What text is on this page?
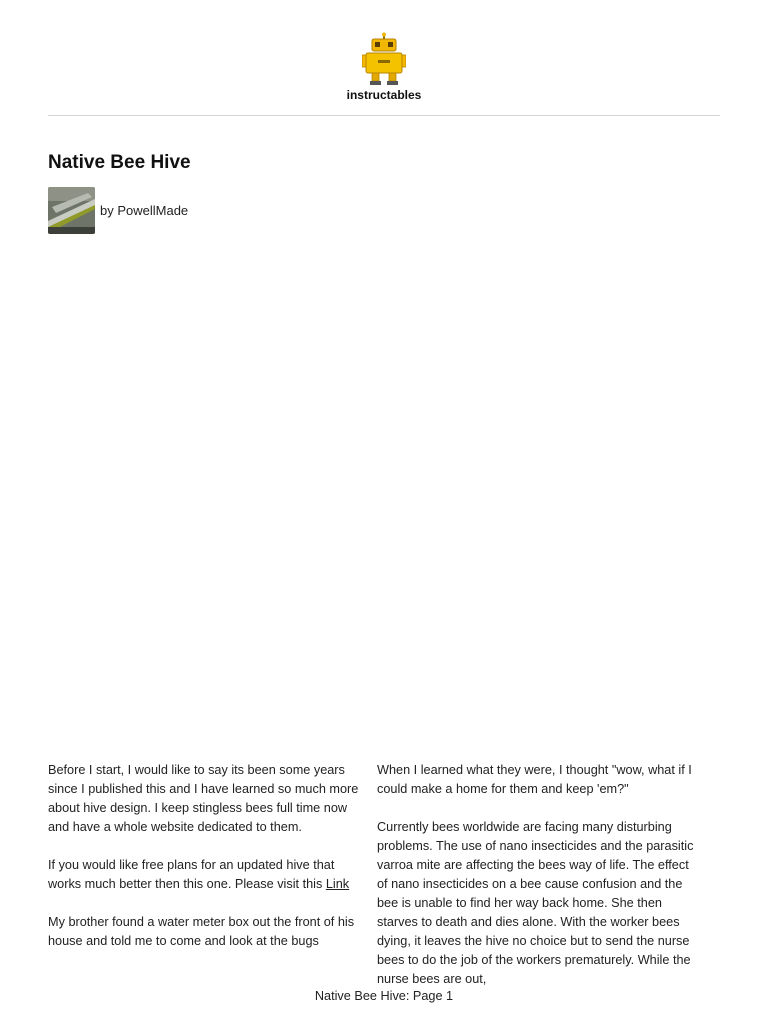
instructables
Native Bee Hive
by PowellMade

Before I start, I would like to say its been some years since I published this and I have learned so much more about hive design. I keep stingless bees full time now and have a whole website dedicated to them.

If you would like free plans for an updated hive that works much better then this one. Please visit this Link

My brother found a water meter box out the front of his house and told me to come and look at the bugs

When I learned what they were, I thought "wow, what if I could make a home for them and keep 'em?"

Currently bees worldwide are facing many disturbing problems. The use of nano insecticides and the parasitic varroa mite are affecting the bees way of life. The effect of nano insecticides on a bee cause confusion and the bee is unable to find her way back home. She then starves to death and dies alone. With the worker bees dying, it leaves the hive no choice but to send the nurse bees to do the job of the workers prematurely. While the nurse bees are out,

Native Bee Hive: Page 1
